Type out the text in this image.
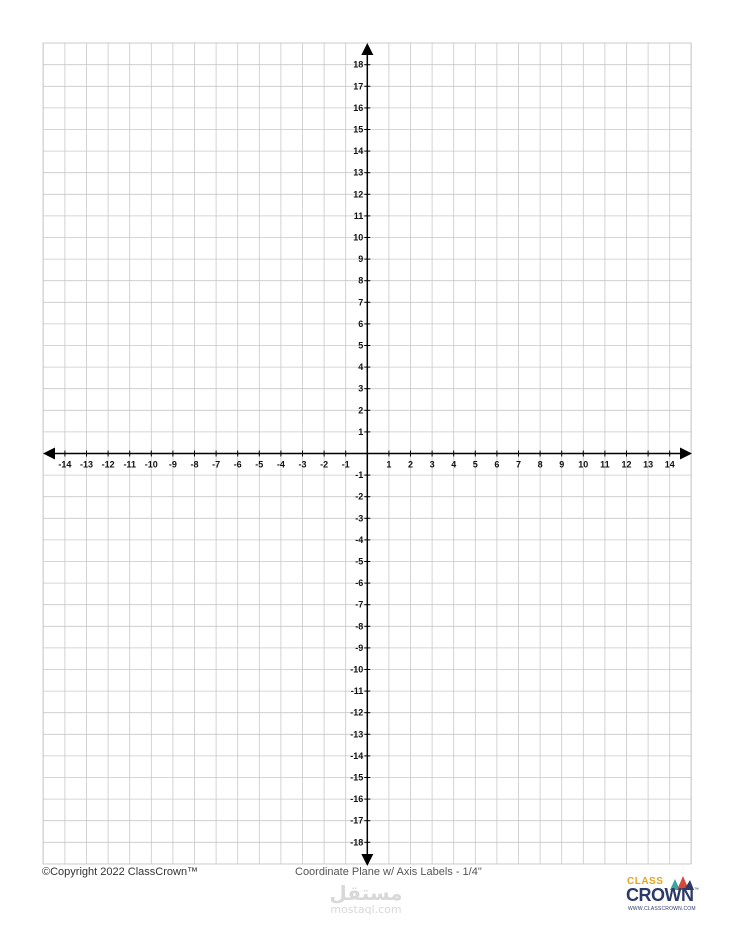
-14 -13 -12 -11 -10 -9 -8 -7 -6 -5 -4 -3 -2 -1	1 2 3 4 5 6 7 8 9 10 11 12 13 14
-18
-17
-16
-15
-14
-13
-12
-11
-10
-9
-8
-7
-6
-5
-4
-3
-2
-1
1
2
3
4
5
6
7
8
9
10
11
12
13
14
15
16
17
18
©Copyright 2022 ClassCrown™	Coordinate Plane w/ Axis Labels - 1/4"
مستقل
mostaql.com
CLASS
CROWN ™
WWW.CLASSCROWN.COM
